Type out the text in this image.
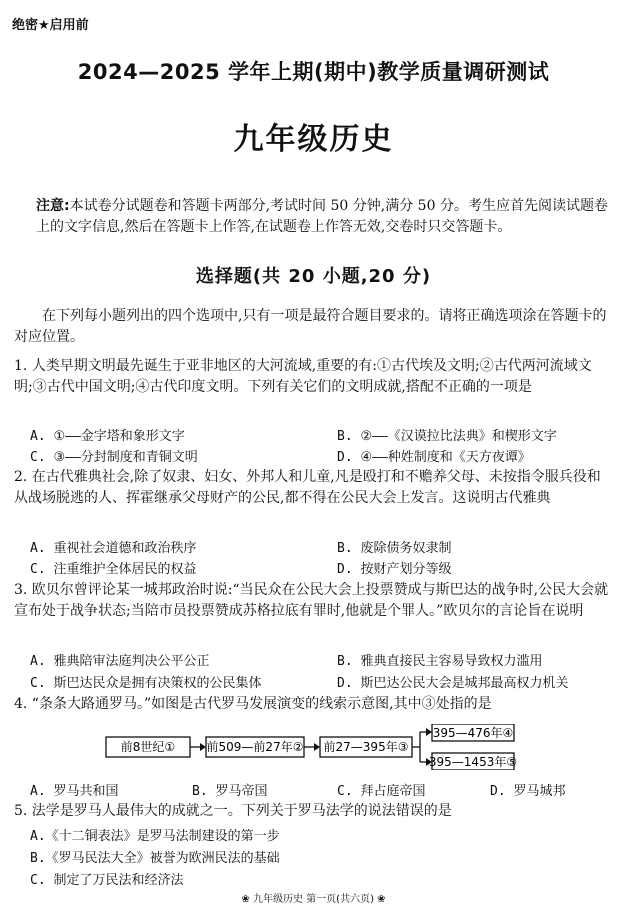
绝密★启用前
2024—2025 学年上期(期中)教学质量调研测试
九年级历史
注意:本试卷分试题卷和答题卡两部分,考试时间 50 分钟,满分 50 分。考生应首先阅读试题卷上的文字信息,然后在答题卡上作答,在试题卷上作答无效,交卷时只交答题卡。
选择题(共 20 小题,20 分)
在下列每小题列出的四个选项中,只有一项是最符合题目要求的。请将正确选项涂在答题卡的对应位置。
1. 人类早期文明最先诞生于亚非地区的大河流域,重要的有:①古代埃及文明;②古代两河流域文明;③古代中国文明;④古代印度文明。下列有关它们的文明成就,搭配不正确的一项是
A. ①——金字塔和象形文字	B. ②——《汉谟拉比法典》和楔形文字
C. ③——分封制度和青铜文明	D. ④——种姓制度和《天方夜谭》
2. 在古代雅典社会,除了奴隶、妇女、外邦人和儿童,凡是殴打和不赡养父母、未按指令服兵役和从战场脱逃的人、挥霍继承父母财产的公民,都不得在公民大会上发言。这说明古代雅典
A. 重视社会道德和政治秩序	B. 废除债务奴隶制
C. 注重维护全体居民的权益	D. 按财产划分等级
3. 欧贝尔曾评论某一城邦政治时说:“当民众在公民大会上投票赞成与斯巴达的战争时,公民大会就宣布处于战争状态;当陪市员投票赞成苏格拉底有罪时,他就是个罪人。”欧贝尔的言论旨在说明
A. 雅典陪审法庭判决公平公正	B. 雅典直接民主容易导致权力滥用
C. 斯巴达民众是拥有决策权的公民集体	D. 斯巴达公民大会是城邦最高权力机关
4. “条条大路通罗马。”如图是古代罗马发展演变的线索示意图,其中③处指的是
前8世纪①	前509—前27年② 前27—395年③
395—476年④
395—1453年⑤
A. 罗马共和国	B. 罗马帝国	C. 拜占庭帝国	D. 罗马城邦
5. 法学是罗马人最伟大的成就之一。下列关于罗马法学的说法错误的是
A.《十二铜表法》是罗马法制建设的第一步
B.《罗马民法大全》被誉为欧洲民法的基础
C. 制定了万民法和经济法
❀ 九年级历史 第一页(共六页) ❀
